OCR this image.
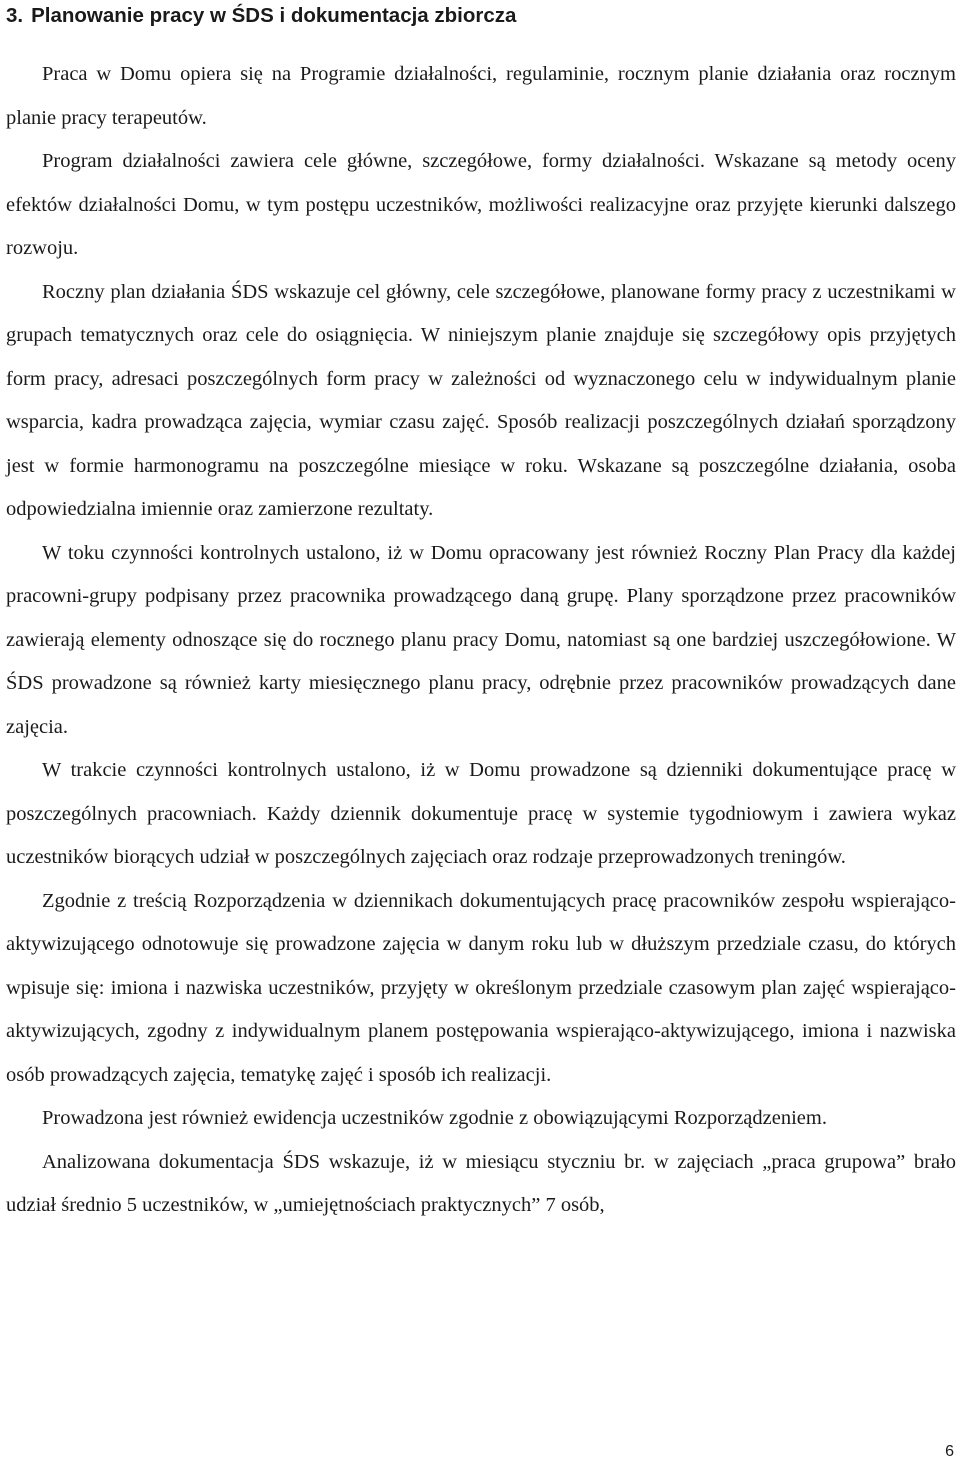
3. Planowanie pracy w ŚDS i dokumentacja zbiorcza

Praca w Domu opiera się na Programie działalności, regulaminie, rocznym planie działania oraz rocznym planie pracy terapeutów.

Program działalności zawiera cele główne, szczegółowe, formy działalności. Wskazane są metody oceny efektów działalności Domu, w tym postępu uczestników, możliwości realizacyjne oraz przyjęte kierunki dalszego rozwoju.

Roczny plan działania ŚDS wskazuje cel główny, cele szczegółowe, planowane formy pracy z uczestnikami w grupach tematycznych oraz cele do osiągnięcia. W niniejszym planie znajduje się szczegółowy opis przyjętych form pracy, adresaci poszczególnych form pracy w zależności od wyznaczonego celu w indywidualnym planie wsparcia, kadra prowadząca zajęcia, wymiar czasu zajęć. Sposób realizacji poszczególnych działań sporządzony jest w formie harmonogramu na poszczególne miesiące w roku. Wskazane są poszczególne działania, osoba odpowiedzialna imiennie oraz zamierzone rezultaty.

W toku czynności kontrolnych ustalono, iż w Domu opracowany jest również Roczny Plan Pracy dla każdej pracowni-grupy podpisany przez pracownika prowadzącego daną grupę. Plany sporządzone przez pracowników zawierają elementy odnoszące się do rocznego planu pracy Domu, natomiast są one bardziej uszczegółowione. W ŚDS prowadzone są również karty miesięcznego planu pracy, odrębnie przez pracowników prowadzących dane zajęcia.

W trakcie czynności kontrolnych ustalono, iż w Domu prowadzone są dzienniki dokumentujące pracę w poszczególnych pracowniach. Każdy dziennik dokumentuje pracę w systemie tygodniowym i zawiera wykaz uczestników biorących udział w poszczególnych zajęciach oraz rodzaje przeprowadzonych treningów.

Zgodnie z treścią Rozporządzenia w dziennikach dokumentujących pracę pracowników zespołu wspierająco-aktywizującego odnotowuje się prowadzone zajęcia w danym roku lub w dłuższym przedziale czasu, do których wpisuje się: imiona i nazwiska uczestników, przyjęty w określonym przedziale czasowym plan zajęć wspierająco-aktywizujących, zgodny z indywidualnym planem postępowania wspierająco-aktywizującego, imiona i nazwiska osób prowadzących zajęcia, tematykę zajęć i sposób ich realizacji.

Prowadzona jest również ewidencja uczestników zgodnie z obowiązującymi Rozporządzeniem.

Analizowana dokumentacja ŚDS wskazuje, iż w miesiącu styczniu br. w zajęciach „praca grupowa” brało udział średnio 5 uczestników, w „umiejętnościach praktycznych” 7 osób,

6
